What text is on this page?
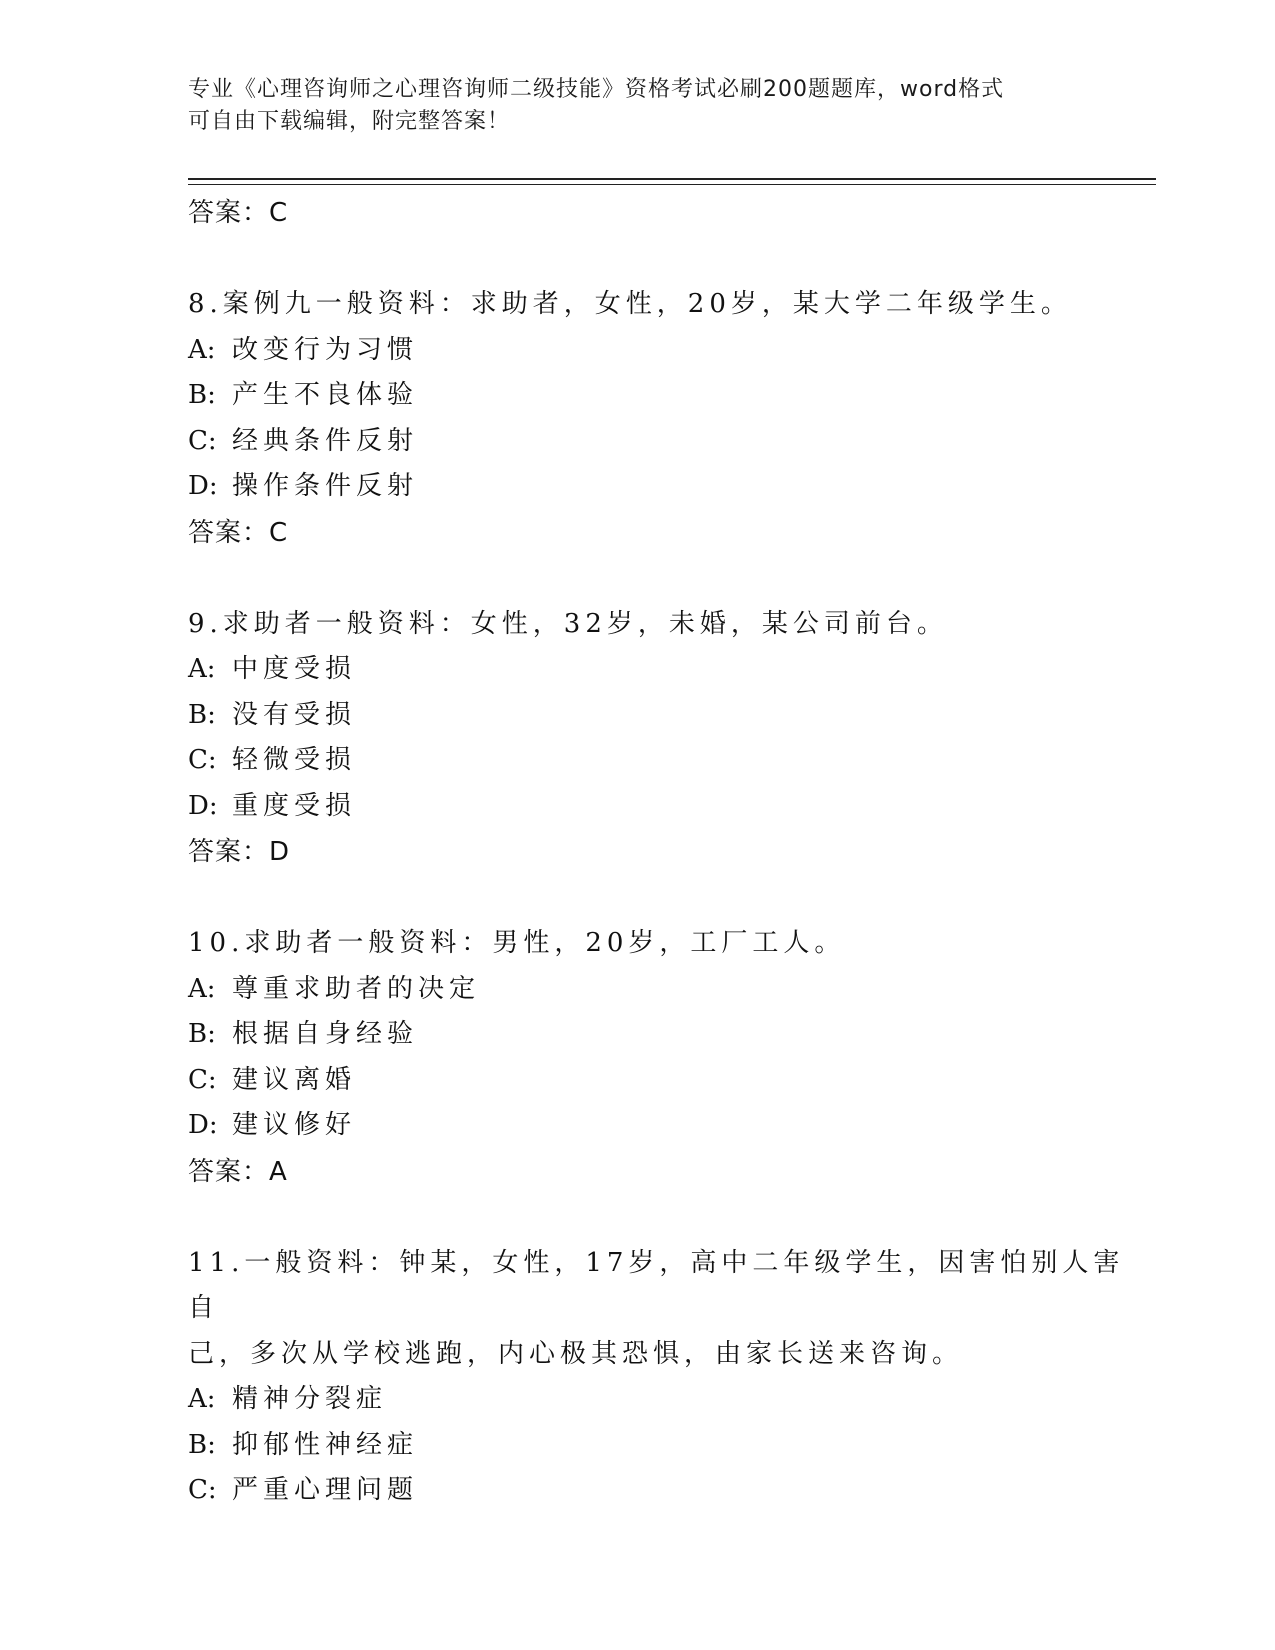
专业《心理咨询师之心理咨询师二级技能》资格考试必刷200题题库，word格式
可自由下载编辑，附完整答案！
答案：C
8.案例九一般资料：求助者，女性，20岁，某大学二年级学生。
A: 改变行为习惯
B: 产生不良体验
C: 经典条件反射
D: 操作条件反射
答案：C
9.求助者一般资料：女性，32岁，未婚，某公司前台。
A: 中度受损
B: 没有受损
C: 轻微受损
D: 重度受损
答案：D
10.求助者一般资料：男性，20岁，工厂工人。
A: 尊重求助者的决定
B: 根据自身经验
C: 建议离婚
D: 建议修好
答案：A
11.一般资料：钟某，女性，17岁，高中二年级学生，因害怕别人害自
己，多次从学校逃跑，内心极其恐惧，由家长送来咨询。
A: 精神分裂症
B: 抑郁性神经症
C: 严重心理问题
